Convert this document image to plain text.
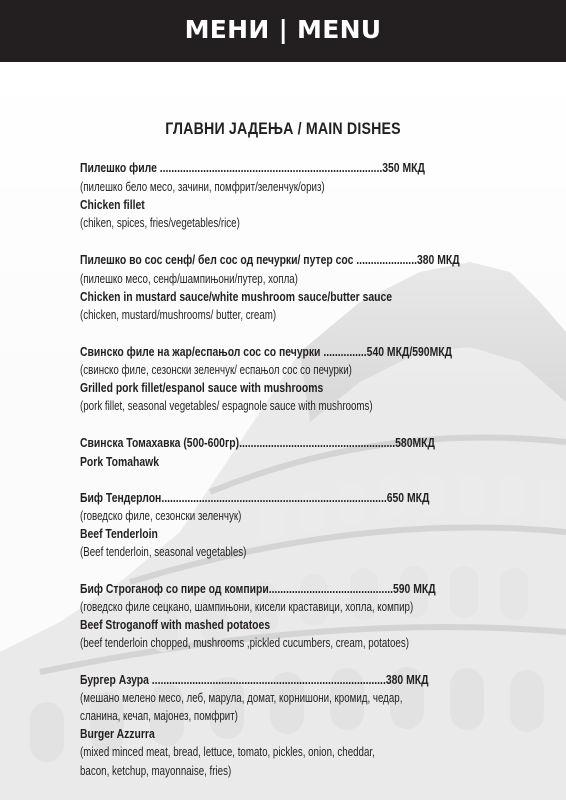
МЕНИ | MENU
ГЛАВНИ ЈАДЕЊА / MAIN DISHES
Пилешко филе .............................................................................350 МКД
(пилешко бело месо, зачини, помфрит/зеленчук/ориз)
Chicken fillet
(chiken, spices, fries/vegetables/rice)
Пилешко во сос сенф/ бел сос од печурки/ путер сос .....................380 МКД
(пилешко месо, сенф/шампињони/путер, хопла)
Chicken in mustard sauce/white mushroom sauce/butter sauce
(chicken, mustard/mushrooms/ butter, cream)
Свинско филе на жар/еспањол сос со печурки ...............540 МКД/590МКД
(свинско филе, сезонски зеленчук/ еспањол сос со печурки)
Grilled pork fillet/espanol sauce with mushrooms
(pork fillet, seasonal vegetables/ espagnole sauce with mushrooms)
Свинска Томахавка (500-600гр)......................................................580МКД
Pork Tomahawk
Биф Тендерлон..............................................................................650 МКД
(говедско филе, сезонски зеленчук)
Beef Tenderloin
(Beef tenderloin, seasonal vegetables)
Биф Строганоф со пире од компири...........................................590 МКД
(говедско филе сецкано, шампињони, кисели краставици, хопла, компир)
Beef Stroganoff with mashed potatoes
(beef tenderloin chopped, mushrooms ,pickled cucumbers, cream, potatoes)
Бургер Азура .................................................................................380 МКД
(мешано мелено месо, леб, марула, домат, корнишони, кромид, чедар,
сланина, кечап, мајонез, помфрит)
Burger Azzurra
(mixed minced meat, bread, lettuce, tomato, pickles, onion, cheddar,
bacon, ketchup, mayonnaise, fries)
